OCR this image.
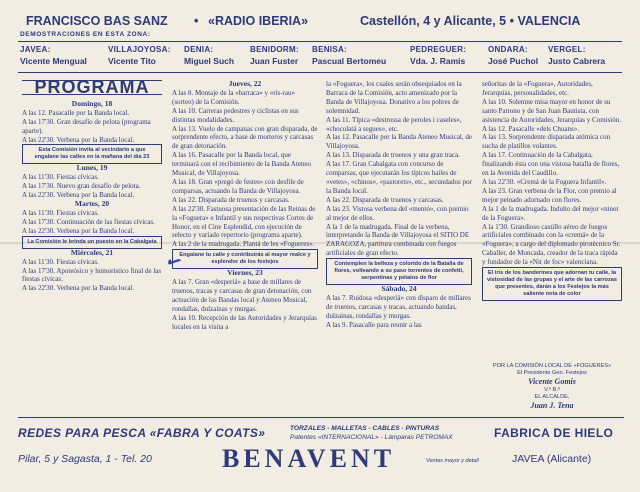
FRANCISCO BAS SANZ • «RADIO IBERIA»	Castellón, 4 y Alicante, 5 • VALENCIA
DEMOSTRACIONES EN ESTA ZONA:
JAVEA:
Vicente Mengual
VILLAJOYOSA:
Vicente Tito
DENIA:
Miguel Such
BENIDORM:
Juan Fuster
BENISA:
Pascual Bertomeu
PEDREGUER:
Vda. J. Ramis
ONDARA:
José Puchol
VERGEL:
Justo Cabrera
PROGRAMA

Domingo, 18

A las 12. Pasacalle por la Banda local.

A las 17'30. Gran desafío de pelota (programa aparte).

A las 22'30. Verbena por la Banda local.

Esta Comisión invita al vecindario a que engalane las calles en la mañana del día 23

Lunes, 19

A las 11'30. Fiestas cívicas.

A las 17'30. Nuevo gran desafío de pelota.

A las 22'30. Verbena por la Banda local.

Martes, 20

A las 11'30. Fiestas cívicas.

A las 17'30. Continuación de las fiestas cívicas.

A las 22'30. Verbena por la Banda local.

La Comisión le brinda un puesto en la Cabalgata

Miércoles, 21

A las 11'30. Fiestas cívicas.

A las 17'30. Apoteósico y humorístico final de las fiestas cívicas.

A las 22'30. Verbena por la Banda local.

Jueves, 22

A las 8. Montaje de la «barraca» y «ris-rau» (sorteo) de la Comisión.

A las 10. Carreras pedestres y ciclistas en sus distintas modalidades.

A las 13. Vuelo de campanas con gran disparada, de sorprendente efecto, a base de morteros y carcasas de gran detonación.

A las 16. Pasacalle por la Banda local, que terminará con el recibimiento de la Banda Ateneo Musical, de Villajoyosa.

A las 18. Gran «pregó de festes» con desfile de comparsas, actuando la Banda de Villajoyosa.

A las 22. Disparada de truenos y carcasas.

A las 22'30. Fastuosa presentación de las Reinas de la «Foguera» e Infantil y sus respectivas Cortes de Honor, en el Cine Esplendid, con ejecución de selecto y variado repertorio (programa aparte).

A las 2 de la madrugada. Plantá de les «Fogueres».

Engalane tu calle y contribuirás al mayor realce y esplendor de los festejos

Viernes, 23

A las 7. Gran «desperiá» a base de millares de truenos, tracas y carcasas de gran detonación, con actuación de las Bandas local y Ateneo Musical, rondallas, dulzainas y murgas.

A las 10. Recepción de las Autoridades y Jerarquías locales en la visita a

la «Foguera», los cuales serán obsequiados en la Barraca de la Comisión, acto amenizado por la Banda de Villajoyosa. Donativo a los pobres de solemnidad.

A las 11. Típica «destrossa de peroles i caseles», «chocolatá a segues», etc.

A las 12. Pasacalle por la Banda Ateneo Musical, de Villajoyosa.

A las 13. Disparada de truenos y una gran traca.

A las 17. Gran Cabalgata con concurso de comparsas, que ejecutarán los típicos bailes de «vetes», «chinos», «pastorets», etc., secundados por la Banda local.

A las 22. Disparada de truenos y carcasas.

A las 23. Vistosa verbena del «mentó», con premio al mejor de ellos.

A la 1 de la madrugada. Final de la verbena, interpretando la Banda de Villajoyosa el SITIO DE ZARAGOZA, partitura combinada con fuegos artificiales de gran efecto.

Contemplen la belleza y colorido de la Batalla de flores, volteando a su paso torrentes de confetti, serpentinas y pétalos de flor

Sábado, 24

A las 7. Ruidosa «desperiá» con disparo de millares de truenos, carcasas y tracas, actuando bandas, dulzainas, rondallas y murgas.

A las 9. Pasacalle para reunir a las

señoritas de la «Foguera», Autoridades, Jerarquías, personalidades, etc.

A las 10. Solemne misa mayor en honor de su santo Patrono y de San Juan Bautista, con asistencia de Autoridades, Jerarquías y Comisión.

A las 12. Pasacalle «dels Chuans».

A las 13. Sorprendente disparada atómica con sucha de platillos volantes.

A las 17. Continuación de la Cabalgata, finalizando ésta con una vistosa batalla de flores, en la Avenida del Caudillo.

A las 22'30. «Cremá de la Foguera Infantil».

A las 23. Gran verbena de la Flor, con premio al mejor peinado adornado con flores.

A la 1 de la madrugada. Indulto del mejor «ninot de la Foguera».

A la 1'30. Grandioso castillo aéreo de fuegos artificiales combinado con la «cremá» de la «Foguera», a cargo del diplomado pirotécnico Sr. Caballer, de Moncada, creador de la traca rápida y fundador de la «Nit de foc» valenciana.

El iris de los banderines que adornan tu calle, la vistosidad de las grupas y el arte de las carrozas que presentes, darán a los Festejos la más saliente nota de color

POR LA COMISIÓN LOCAL DE «FOGUERES»
El Presidente Gen. Festejos
Vicente Gomis
V.º B.º
EL ALCALDE,
Juan J. Tena
✓
REDES PARA PESCA «FABRA Y COATS»	TORZALES - MALLETAS - CABLES - PINTURAS
Patentes «INTERNACIONAL» - Lámparas PETROMAX	FABRICA DE HIELO
Pilar, 5 y Sagasta, 1 - Tel. 20	BENAVENT	Ventas mayor y detall	JAVEA (Alicante)
